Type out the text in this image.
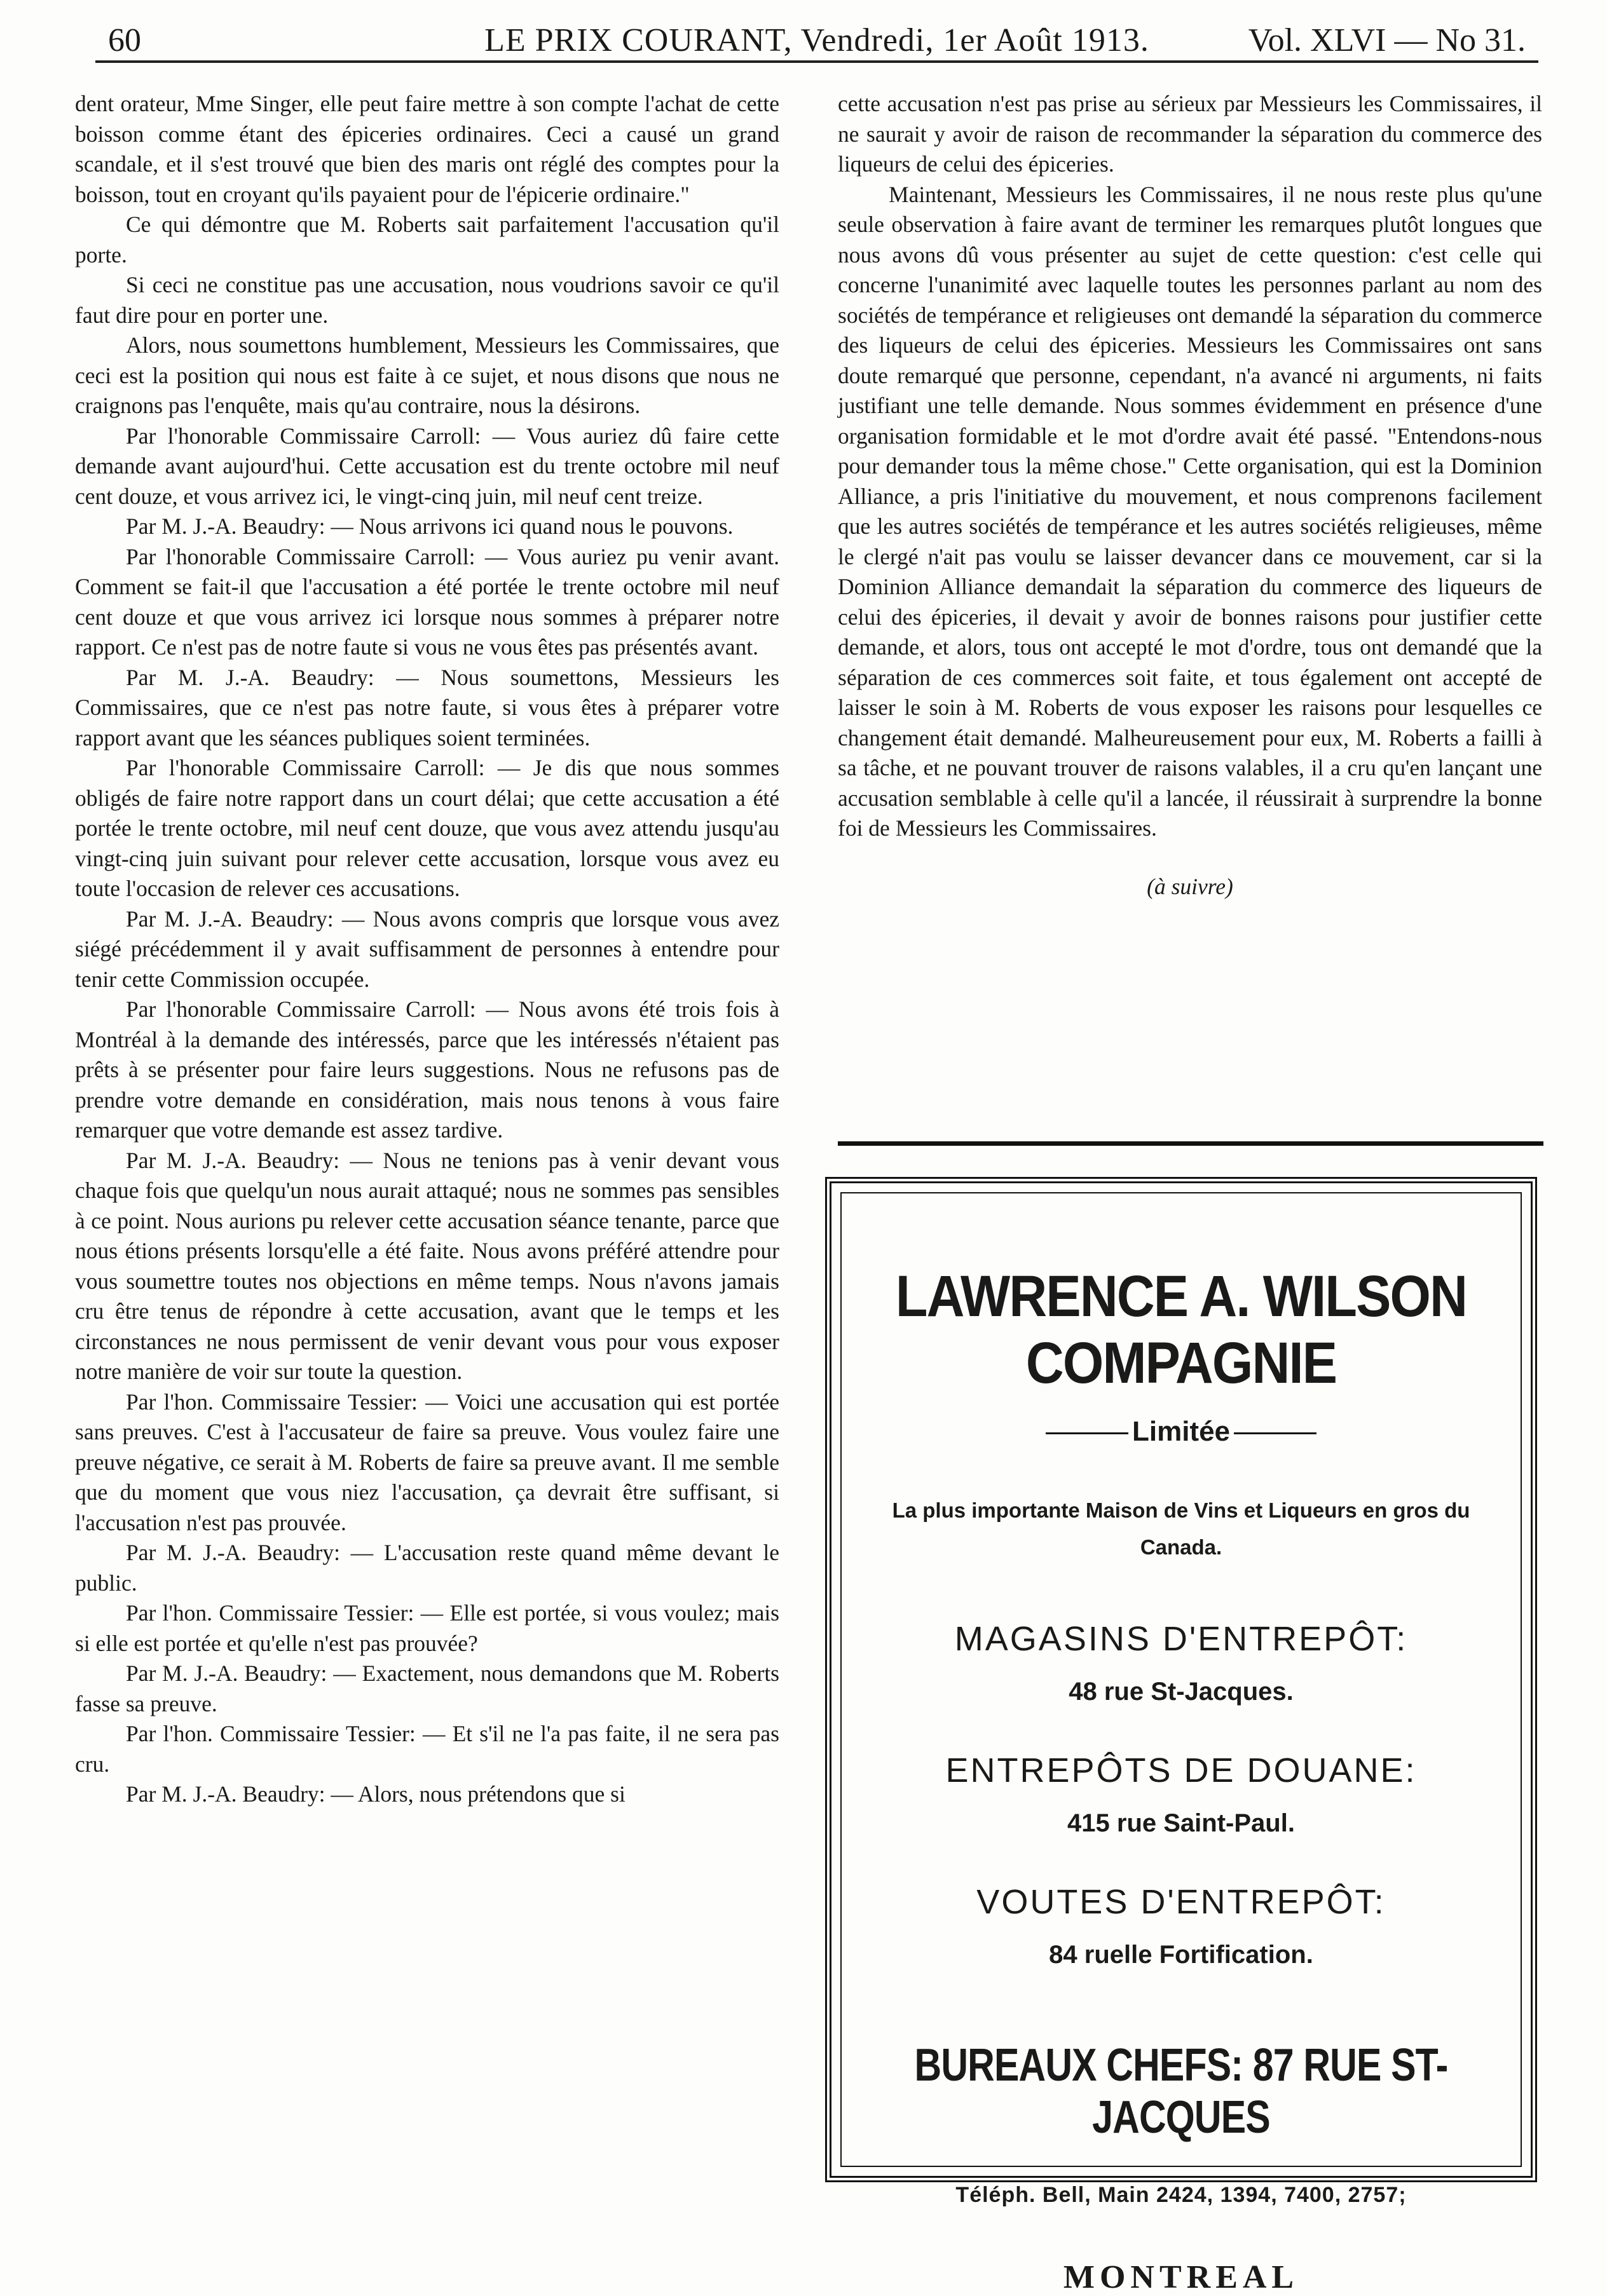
60	LE PRIX COURANT, Vendredi, 1er Août 1913.	Vol. XLVI — No 31.

dent orateur, Mme Singer, elle peut faire mettre à son compte l'achat de cette boisson comme étant des épiceries ordinaires. Ceci a causé un grand scandale, et il s'est trouvé que bien des maris ont réglé des comptes pour la boisson, tout en croyant qu'ils payaient pour de l'épicerie ordinaire."

Ce qui démontre que M. Roberts sait parfaitement l'accusation qu'il porte.

Si ceci ne constitue pas une accusation, nous voudrions savoir ce qu'il faut dire pour en porter une.

Alors, nous soumettons humblement, Messieurs les Commissaires, que ceci est la position qui nous est faite à ce sujet, et nous disons que nous ne craignons pas l'enquête, mais qu'au contraire, nous la désirons.

Par l'honorable Commissaire Carroll: — Vous auriez dû faire cette demande avant aujourd'hui. Cette accusation est du trente octobre mil neuf cent douze, et vous arrivez ici, le vingt-cinq juin, mil neuf cent treize.

Par M. J.-A. Beaudry: — Nous arrivons ici quand nous le pouvons.

Par l'honorable Commissaire Carroll: — Vous auriez pu venir avant. Comment se fait-il que l'accusation a été portée le trente octobre mil neuf cent douze et que vous arrivez ici lorsque nous sommes à préparer notre rapport. Ce n'est pas de notre faute si vous ne vous êtes pas présentés avant.

Par M. J.-A. Beaudry: — Nous soumettons, Messieurs les Commissaires, que ce n'est pas notre faute, si vous êtes à préparer votre rapport avant que les séances publiques soient terminées.

Par l'honorable Commissaire Carroll: — Je dis que nous sommes obligés de faire notre rapport dans un court délai; que cette accusation a été portée le trente octobre, mil neuf cent douze, que vous avez attendu jusqu'au vingt-cinq juin suivant pour relever cette accusation, lorsque vous avez eu toute l'occasion de relever ces accusations.

Par M. J.-A. Beaudry: — Nous avons compris que lorsque vous avez siégé précédemment il y avait suffisamment de personnes à entendre pour tenir cette Commission occupée.

Par l'honorable Commissaire Carroll: — Nous avons été trois fois à Montréal à la demande des intéressés, parce que les intéressés n'étaient pas prêts à se présenter pour faire leurs suggestions. Nous ne refusons pas de prendre votre demande en considération, mais nous tenons à vous faire remarquer que votre demande est assez tardive.

Par M. J.-A. Beaudry: — Nous ne tenions pas à venir devant vous chaque fois que quelqu'un nous aurait attaqué; nous ne sommes pas sensibles à ce point. Nous aurions pu relever cette accusation séance tenante, parce que nous étions présents lorsqu'elle a été faite. Nous avons préféré attendre pour vous soumettre toutes nos objections en même temps. Nous n'avons jamais cru être tenus de répondre à cette accusation, avant que le temps et les circonstances ne nous permissent de venir devant vous pour vous exposer notre manière de voir sur toute la question.

Par l'hon. Commissaire Tessier: — Voici une accusation qui est portée sans preuves. C'est à l'accusateur de faire sa preuve. Vous voulez faire une preuve négative, ce serait à M. Roberts de faire sa preuve avant. Il me semble que du moment que vous niez l'accusation, ça devrait être suffisant, si l'accusation n'est pas prouvée.

Par M. J.-A. Beaudry: — L'accusation reste quand même devant le public.

Par l'hon. Commissaire Tessier: — Elle est portée, si vous voulez; mais si elle est portée et qu'elle n'est pas prouvée?

Par M. J.-A. Beaudry: — Exactement, nous demandons que M. Roberts fasse sa preuve.

Par l'hon. Commissaire Tessier: — Et s'il ne l'a pas faite, il ne sera pas cru.

Par M. J.-A. Beaudry: — Alors, nous prétendons que si

cette accusation n'est pas prise au sérieux par Messieurs les Commissaires, il ne saurait y avoir de raison de recommander la séparation du commerce des liqueurs de celui des épiceries.

Maintenant, Messieurs les Commissaires, il ne nous reste plus qu'une seule observation à faire avant de terminer les remarques plutôt longues que nous avons dû vous présenter au sujet de cette question: c'est celle qui concerne l'unanimité avec laquelle toutes les personnes parlant au nom des sociétés de tempérance et religieuses ont demandé la séparation du commerce des liqueurs de celui des épiceries. Messieurs les Commissaires ont sans doute remarqué que personne, cependant, n'a avancé ni arguments, ni faits justifiant une telle demande. Nous sommes évidemment en présence d'une organisation formidable et le mot d'ordre avait été passé. "Entendons-nous pour demander tous la même chose." Cette organisation, qui est la Dominion Alliance, a pris l'initiative du mouvement, et nous comprenons facilement que les autres sociétés de tempérance et les autres sociétés religieuses, même le clergé n'ait pas voulu se laisser devancer dans ce mouvement, car si la Dominion Alliance demandait la séparation du commerce des liqueurs de celui des épiceries, il devait y avoir de bonnes raisons pour justifier cette demande, et alors, tous ont accepté le mot d'ordre, tous ont demandé que la séparation de ces commerces soit faite, et tous également ont accepté de laisser le soin à M. Roberts de vous exposer les raisons pour lesquelles ce changement était demandé. Malheureusement pour eux, M. Roberts a failli à sa tâche, et ne pouvant trouver de raisons valables, il a cru qu'en lançant une accusation semblable à celle qu'il a lancée, il réussirait à surprendre la bonne foi de Messieurs les Commissaires.

(à suivre)
LAWRENCE A. WILSON COMPAGNIE
Limitée
La plus importante Maison de Vins et Liqueurs en gros du Canada.
MAGASINS D'ENTREPÔT:
48 rue St-Jacques.
ENTREPÔTS DE DOUANE:
415 rue Saint-Paul.
VOUTES D'ENTREPÔT:
84 ruelle Fortification.
BUREAUX CHEFS: 87 RUE ST-JACQUES
Téléph. Bell, Main 2424, 1394, 7400, 2757;
MONTREAL
